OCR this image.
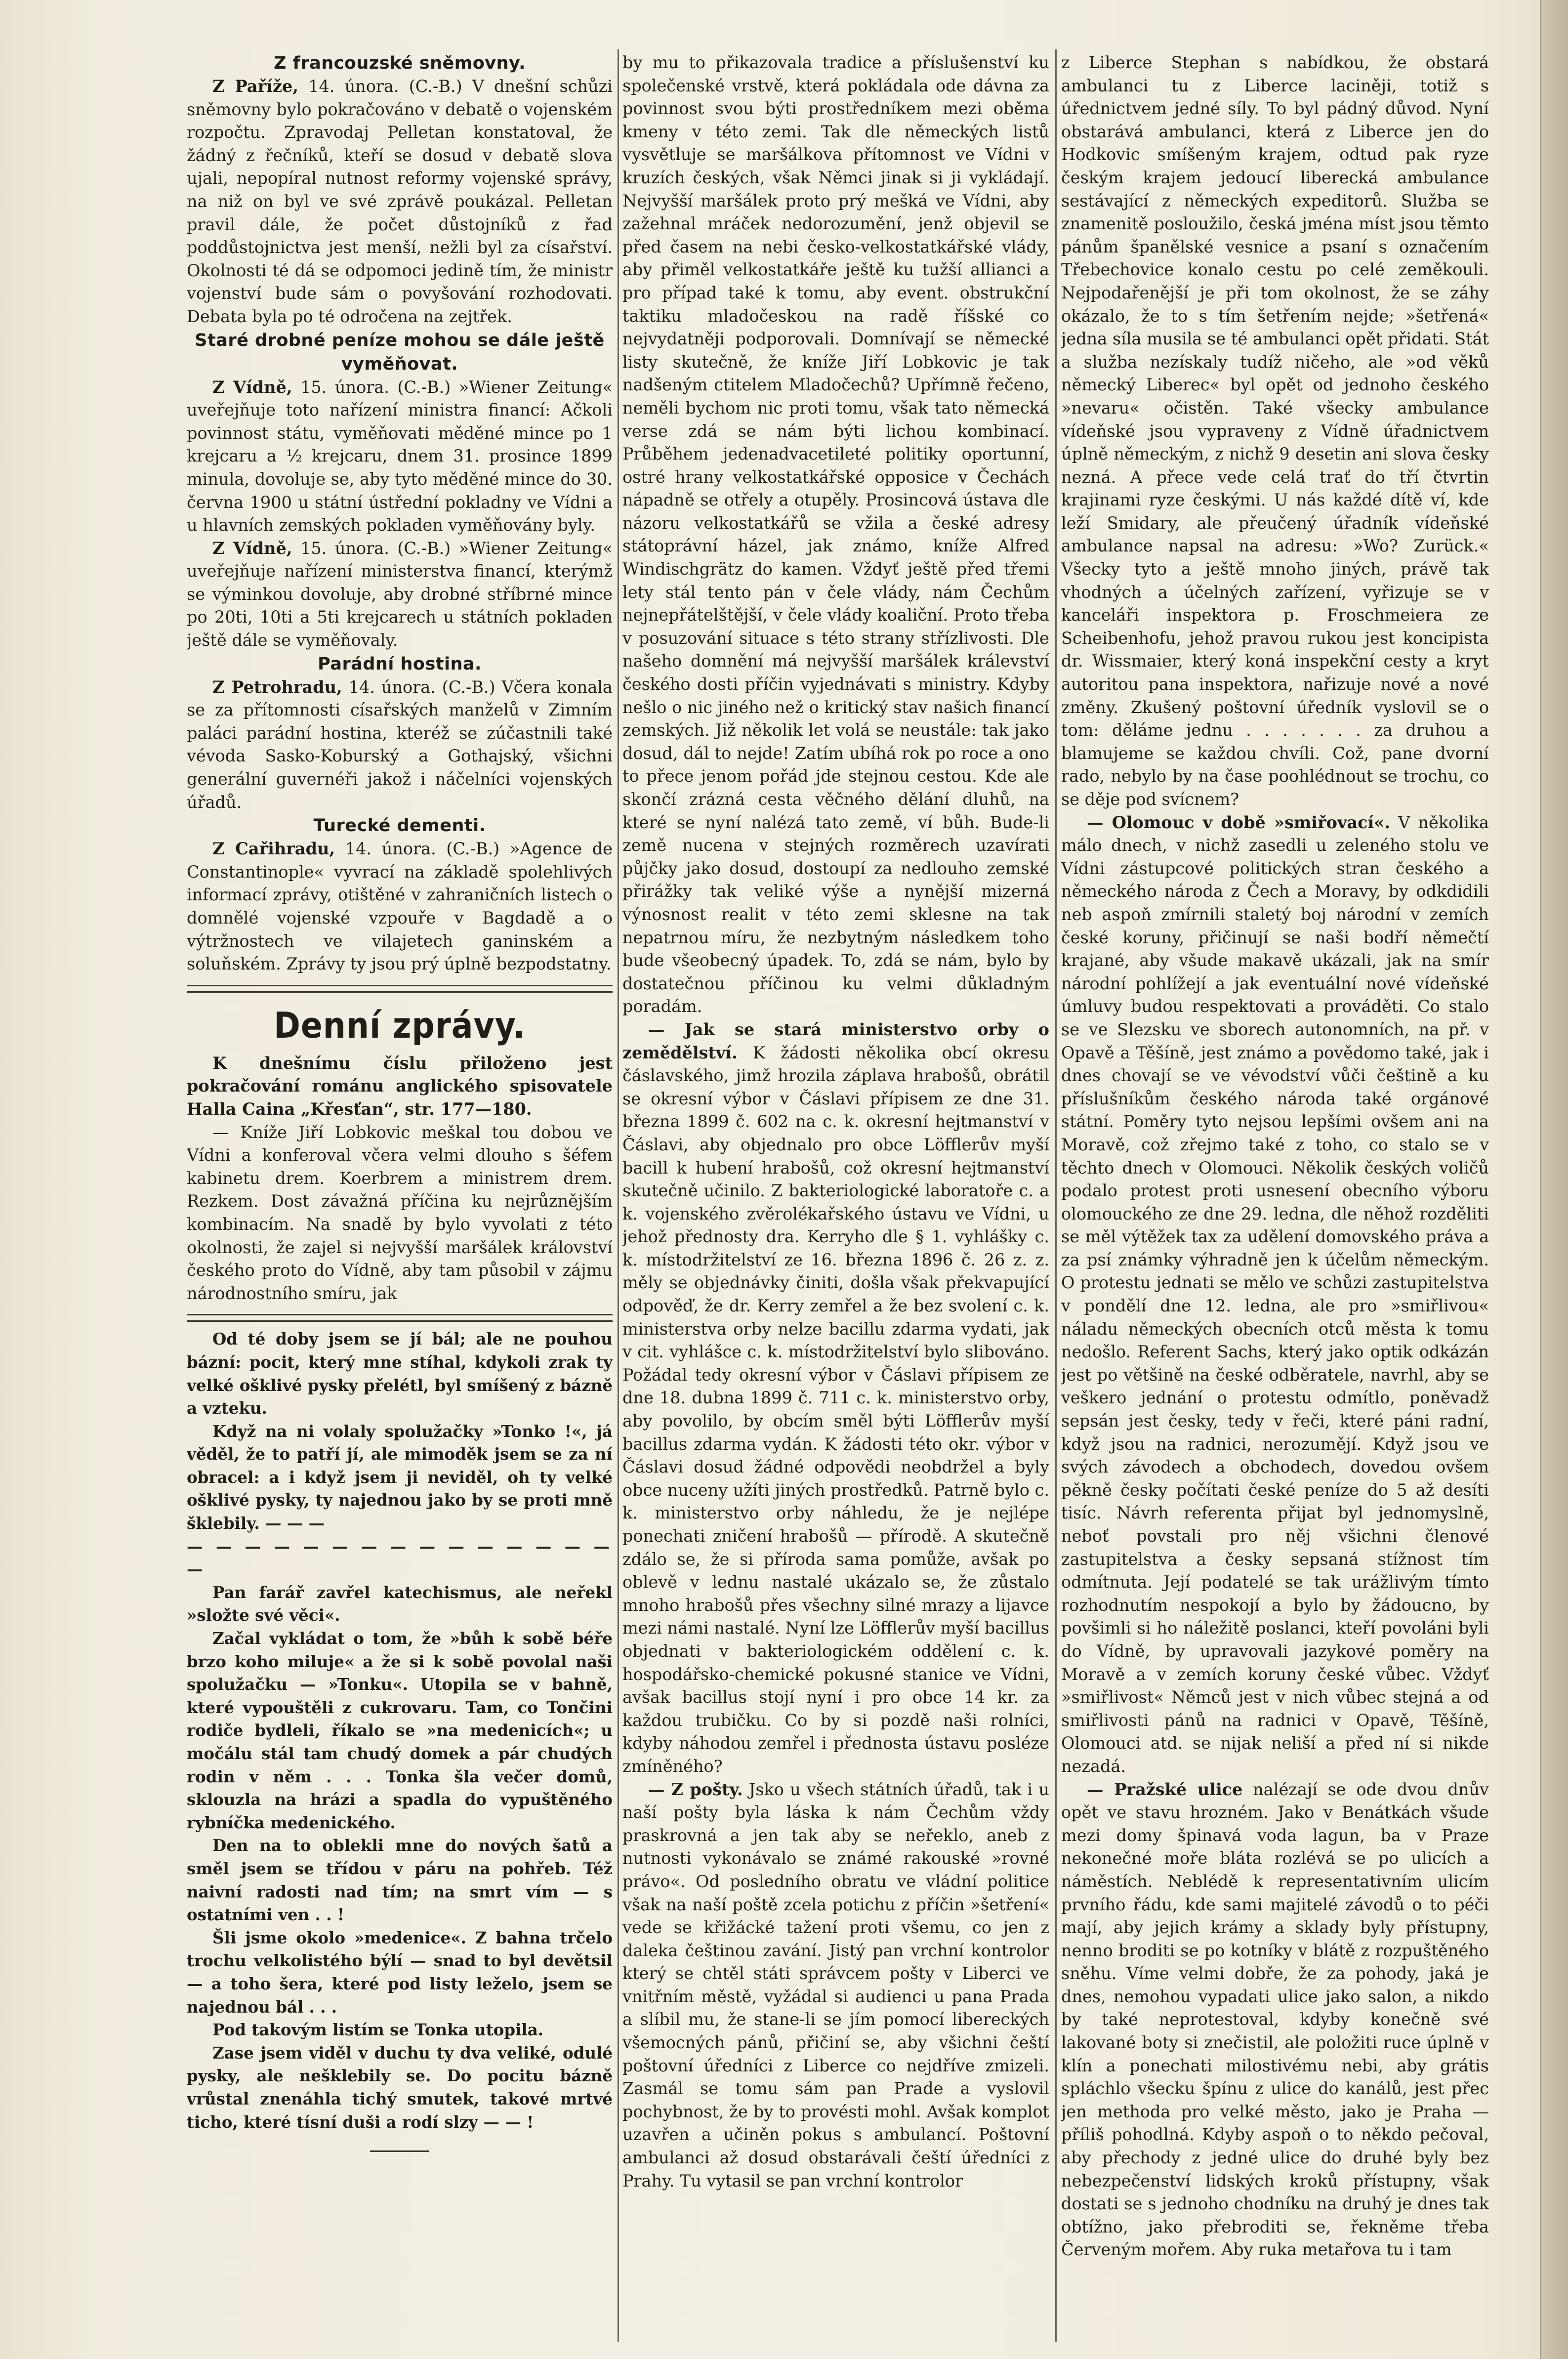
Z francouzské sněmovny.

Z Paříže, 14. února. (C.-B.) V dnešní schůzi sněmovny bylo pokračováno v debatě o vojenském rozpočtu. Zpravodaj Pelletan konstatoval, že žádný z řečníků, kteří se dosud v debatě slova ujali, nepopíral nutnost reformy vojenské správy, na niž on byl ve své zprávě poukázal. Pelletan pravil dále, že počet důstojníků z řad poddůstojnictva jest menší, nežli byl za císařství. Okolnosti té dá se odpomoci jedině tím, že ministr vojenství bude sám o povyšování rozhodovati. Debata byla po té odročena na zejtřek.

Staré drobné peníze mohou se dále ještě vyměňovat.

Z Vídně, 15. února. (C.-B.) »Wiener Zeitung« uveřejňuje toto nařízení ministra financí: Ačkoli povinnost státu, vyměňovati měděné mince po 1 krejcaru a ½ krejcaru, dnem 31. prosince 1899 minula, dovoluje se, aby tyto měděné mince do 30. června 1900 u státní ústřední pokladny ve Vídni a u hlavních zemských pokladen vyměňovány byly.

Z Vídně, 15. února. (C.-B.) »Wiener Zeitung« uveřejňuje nařízení ministerstva financí, kterýmž se výminkou dovoluje, aby drobné stříbrné mince po 20ti, 10ti a 5ti krejcarech u státních pokladen ještě dále se vyměňovaly.

Parádní hostina.

Z Petrohradu, 14. února. (C.-B.) Včera konala se za přítomnosti císařských manželů v Zimním paláci parádní hostina, kteréž se zúčastnili také vévoda Sasko-Koburský a Gothajský, všichni generální guvernéři jakož i náčelníci vojenských úřadů.

Turecké dementi.

Z Cařihradu, 14. února. (C.-B.) »Agence de Constantinople« vyvrací na základě spolehlivých informací zprávy, otištěné v zahraničních listech o domnělé vojenské vzpouře v Bagdadě a o výtržnostech ve vilajetech ganinském a soluňském. Zprávy ty jsou prý úplně bezpodstatny.

Denní zprávy.

K dnešnímu číslu přiloženo jest pokračování románu anglického spisovatele Halla Caina „Křesťan“, str. 177—180.

— Kníže Jiří Lobkovic meškal tou dobou ve Vídni a konferoval včera velmi dlouho s šéfem kabinetu drem. Koerbrem a ministrem drem. Rezkem. Dost závažná příčina ku nejrůznějším kombinacím. Na snadě by bylo vyvolati z této okolnosti, že zajel si nejvyšší maršálek království českého proto do Vídně, aby tam působil v zájmu národnostního smíru, jak

Od té doby jsem se jí bál; ale ne pouhou bázní: pocit, který mne stíhal, kdykoli zrak ty velké ošklivé pysky přelétl, byl smíšený z bázně a vzteku.

Když na ni volaly spolužačky »Tonko !«, já věděl, že to patří jí, ale mimoděk jsem se za ní obracel: a i když jsem ji neviděl, oh ty velké ošklivé pysky, ty najednou jako by se proti mně šklebily. — — —

— — — — — — — — — — — — — — — —

Pan farář zavřel katechismus, ale neřekl »složte své věci«.

Začal vykládat o tom, že »bůh k sobě béře brzo koho miluje« a že si k sobě povolal naši spolužačku — »Tonku«. Utopila se v bahně, které vypouštěli z cukrovaru. Tam, co Tončini rodiče bydleli, říkalo se »na medenicích«; u močálu stál tam chudý domek a pár chudých rodin v něm . . . Tonka šla večer domů, sklouzla na hrázi a spadla do vypuštěného rybníčka medenického.

Den na to oblekli mne do nových šatů a směl jsem se třídou v páru na pohřeb. Též naivní radosti nad tím; na smrt vím — s ostatními ven . . !

Šli jsme okolo »medenice«. Z bahna trčelo trochu velkolistého býlí — snad to byl devětsil — a toho šera, které pod listy leželo, jsem se najednou bál . . .

Pod takovým listím se Tonka utopila.

Zase jsem viděl v duchu ty dva veliké, odulé pysky, ale nešklebily se. Do pocitu bázně vrůstal znenáhla tichý smutek, takové mrtvé ticho, které tísní duši a rodí slzy — — !

by mu to přikazovala tradice a příslušenství ku společenské vrstvě, která pokládala ode dávna za povinnost svou býti prostředníkem mezi oběma kmeny v této zemi. Tak dle německých listů vysvětluje se maršálkova přítomnost ve Vídni v kruzích českých, však Němci jinak si ji vykládají. Nejvyšší maršálek proto prý mešká ve Vídni, aby zažehnal mráček nedorozumění, jenž objevil se před časem na nebi česko-velkostatkářské vlády, aby přiměl velkostatkáře ještě ku tužší allianci a pro případ také k tomu, aby event. obstrukční taktiku mladočeskou na radě říšské co nejvydatněji podporovali. Domnívají se německé listy skutečně, že kníže Jiří Lobkovic je tak nadšeným ctitelem Mladočechů? Upřímně řečeno, neměli bychom nic proti tomu, však tato německá verse zdá se nám býti lichou kombinací. Průběhem jedenadvacetileté politiky oportunní, ostré hrany velkostatkářské opposice v Čechách nápadně se otřely a otupěly. Prosincová ústava dle názoru velkostatkářů se vžila a české adresy státoprávní házel, jak známo, kníže Alfred Windischgrätz do kamen. Vždyť ještě před třemi lety stál tento pán v čele vlády, nám Čechům nejnepřátelštější, v čele vlády koaliční. Proto třeba v posuzování situace s této strany střízlivosti. Dle našeho domnění má nejvyšší maršálek králevství českého dosti příčin vyjednávati s ministry. Kdyby nešlo o nic jiného než o kritický stav našich financí zemských. Již několik let volá se neustále: tak jako dosud, dál to nejde! Zatím ubíhá rok po roce a ono to přece jenom pořád jde stejnou cestou. Kde ale skončí zrázná cesta věčného dělání dluhů, na které se nyní nalézá tato země, ví bůh. Bude-li země nucena v stejných rozměrech uzavírati půjčky jako dosud, dostoupí za nedlouho zemské přirážky tak veliké výše a nynější mizerná výnosnost realit v této zemi sklesne na tak nepatrnou míru, že nezbytným následkem toho bude všeobecný úpadek. To, zdá se nám, bylo by dostatečnou příčinou ku velmi důkladným poradám.

— Jak se stará ministerstvo orby o zemědělství. K žádosti několika obcí okresu čáslavského, jimž hrozila záplava hrabošů, obrátil se okresní výbor v Čáslavi přípisem ze dne 31. března 1899 č. 602 na c. k. okresní hejtmanství v Čáslavi, aby objednalo pro obce Löfflerův myší bacill k hubení hrabošů, což okresní hejtmanství skutečně učinilo. Z bakteriologické laboratoře c. a k. vojenského zvěrolékařského ústavu ve Vídni, u jehož přednosty dra. Kerryho dle § 1. vyhlášky c. k. místodržitelství ze 16. března 1896 č. 26 z. z. měly se objednávky činiti, došla však překvapující odpověď, že dr. Kerry zemřel a že bez svolení c. k. ministerstva orby nelze bacillu zdarma vydati, jak v cit. vyhlášce c. k. místodržitelství bylo slibováno. Požádal tedy okresní výbor v Čáslavi přípisem ze dne 18. dubna 1899 č. 711 c. k. ministerstvo orby, aby povolilo, by obcím směl býti Löfflerův myší bacillus zdarma vydán. K žádosti této okr. výbor v Čáslavi dosud žádné odpovědi neobdržel a byly obce nuceny užíti jiných prostředků. Patrně bylo c. k. ministerstvo orby náhledu, že je nejlépe ponechati zničení hrabošů — přírodě. A skutečně zdálo se, že si příroda sama pomůže, avšak po oblevě v lednu nastalé ukázalo se, že zůstalo mnoho hrabošů přes všechny silné mrazy a lijavce mezi námi nastalé. Nyní lze Löfflerův myší bacillus objednati v bakteriologickém oddělení c. k. hospodářsko-chemické pokusné stanice ve Vídni, avšak bacillus stojí nyní i pro obce 14 kr. za každou trubičku. Co by si pozdě naši rolníci, kdyby náhodou zemřel i přednosta ústavu posléze zmíněného?

— Z pošty. Jsko u všech státních úřadů, tak i u naší pošty byla láska k nám Čechům vždy praskrovná a jen tak aby se neřeklo, aneb z nutnosti vykonávalo se známé rakouské »rovné právo«. Od posledního obratu ve vládní politice však na naší poště zcela potichu z příčin »šetření« vede se křižácké tažení proti všemu, co jen z daleka češtinou zavání. Jistý pan vrchní kontrolor který se chtěl státi správcem pošty v Liberci ve vnitřním městě, vyžádal si audienci u pana Prada a slíbil mu, že stane-li se jím pomocí libereckých všemocných pánů, přičiní se, aby všichni čeští poštovní úředníci z Liberce co nejdříve zmizeli. Zasmál se tomu sám pan Prade a vyslovil pochybnost, že by to provésti mohl. Avšak komplot uzavřen a učiněn pokus s ambulancí. Poštovní ambulanci až dosud obstarávali čeští úředníci z Prahy. Tu vytasil se pan vrchní kontrolor

z Liberce Stephan s nabídkou, že obstará ambulanci tu z Liberce laciněji, totiž s úřednictvem jedné síly. To byl pádný důvod. Nyní obstarává ambulanci, která z Liberce jen do Hodkovic smíšeným krajem, odtud pak ryze českým krajem jedoucí liberecká ambulance sestávající z německých expeditorů. Služba se znamenitě posloužilo, česká jména míst jsou těmto pánům španělské vesnice a psaní s označením Třebechovice konalo cestu po celé zeměkouli. Nejpodařenější je při tom okolnost, že se záhy okázalo, že to s tím šetřením nejde; »šetřená« jedna síla musila se té ambulanci opět přidati. Stát a služba nezískaly tudíž ničeho, ale »od věků německý Liberec« byl opět od jednoho českého »nevaru« očistěn. Také všecky ambulance vídeňské jsou vypraveny z Vídně úřadnictvem úplně německým, z nichž 9 desetin ani slova česky nezná. A přece vede celá trať do tří čtvrtin krajinami ryze českými. U nás každé dítě ví, kde leží Smidary, ale přeučený úřadník vídeňské ambulance napsal na adresu: »Wo? Zurück.« Všecky tyto a ještě mnoho jiných, právě tak vhodných a účelných zařízení, vyřizuje se v kanceláři inspektora p. Froschmeiera ze Scheibenhofu, jehož pravou rukou jest koncipista dr. Wissmaier, který koná inspekční cesty a kryt autoritou pana inspektora, nařizuje nové a nové změny. Zkušený poštovní úředník vyslovil se o tom: děláme jednu . . . . . . . za druhou a blamujeme se každou chvíli. Což, pane dvorní rado, nebylo by na čase poohlédnout se trochu, co se děje pod svícnem?

— Olomouc v době »smiřovací«. V několika málo dnech, v nichž zasedli u zeleného stolu ve Vídni zástupcové politických stran českého a německého národa z Čech a Moravy, by odkdidili neb aspoň zmírnili staletý boj národní v zemích české koruny, přičinují se naši bodří němečtí krajané, aby všude makavě ukázali, jak na smír národní pohlížejí a jak eventuální nové vídeňské úmluvy budou respektovati a prováděti. Co stalo se ve Slezsku ve sborech autonomních, na př. v Opavě a Těšíně, jest známo a povědomo také, jak i dnes chovají se ve vévodství vůči češtině a ku příslušníkům českého národa také orgánové státní. Poměry tyto nejsou lepšími ovšem ani na Moravě, což zřejmo také z toho, co stalo se v těchto dnech v Olomouci. Několik českých voličů podalo protest proti usnesení obecního výboru olomouckého ze dne 29. ledna, dle něhož rozděliti se měl výtěžek tax za udělení domovského práva a za psí známky výhradně jen k účelům německým. O protestu jednati se mělo ve schůzi zastupitelstva v pondělí dne 12. ledna, ale pro »smiřlivou« náladu německých obecních otců města k tomu nedošlo. Referent Sachs, který jako optik odkázán jest po většině na české odběratele, navrhl, aby se veškero jednání o protestu odmítlo, poněvadž sepsán jest česky, tedy v řeči, které páni radní, když jsou na radnici, nerozumějí. Když jsou ve svých závodech a obchodech, dovedou ovšem pěkně česky počítati české peníze do 5 až desíti tisíc. Návrh referenta přijat byl jednomyslně, neboť povstali pro něj všichni členové zastupitelstva a česky sepsaná stížnost tím odmítnuta. Její podatelé se tak urážlivým tímto rozhodnutím nespokojí a bylo by žádoucno, by povšimli si ho náležitě poslanci, kteří povoláni byli do Vídně, by upravovali jazykové poměry na Moravě a v zemích koruny české vůbec. Vždyť »smiřlivost« Němců jest v nich vůbec stejná a od smiřlivosti pánů na radnici v Opavě, Těšíně, Olomouci atd. se nijak neliší a před ní si nikde nezadá.

— Pražské ulice nalézají se ode dvou dnův opět ve stavu hrozném. Jako v Benátkách všude mezi domy špinavá voda lagun, ba v Praze nekonečné moře bláta rozlévá se po ulicích a náměstích. Neblédě k representativním ulicím prvního řádu, kde sami majitelé závodů o to péči mají, aby jejich krámy a sklady byly přístupny, nenno broditi se po kotníky v blátě z rozpuštěného sněhu. Víme velmi dobře, že za pohody, jaká je dnes, nemohou vypadati ulice jako salon, a nikdo by také neprotestoval, kdyby konečně své lakované boty si znečistil, ale položiti ruce úplně v klín a ponechati milostivému nebi, aby grátis spláchlo všecku špínu z ulice do kanálů, jest přec jen methoda pro velké město, jako je Praha — příliš pohodlná. Kdyby aspoň o to někdo pečoval, aby přechody z jedné ulice do druhé byly bez nebezpečenství lidských kroků přístupny, však dostati se s jednoho chodníku na druhý je dnes tak obtížno, jako přebroditi se, řekněme třeba Červeným mořem. Aby ruka metařova tu i tam
